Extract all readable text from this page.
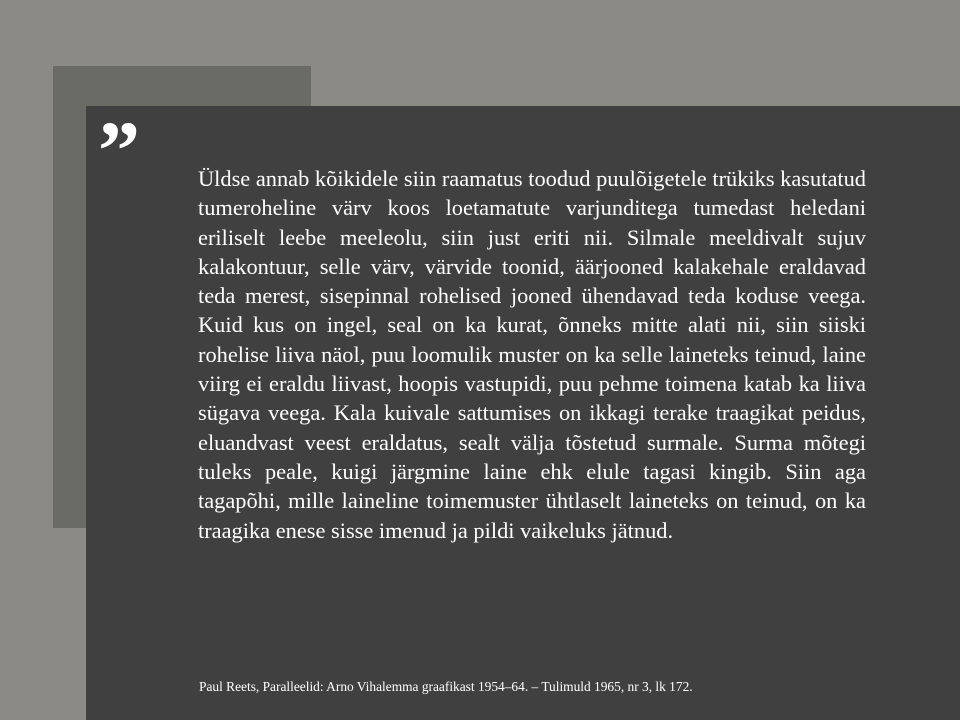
”	Üldse annab kõikidele siin raamatus toodud puulõigetele trükiks kasutatud tumeroheline värv koos loetamatute varjunditega tumedast heledani eriliselt leebe meeleolu, siin just eriti nii. Silmale meeldivalt sujuv kalakontuur, selle värv, värvide toonid, äärjooned kalakehale eraldavad teda merest, sisepinnal rohelised jooned ühendavad teda koduse veega. Kuid kus on ingel, seal on ka kurat, õnneks mitte alati nii, siin siiski rohelise liiva näol, puu loomulik muster on ka selle laineteks teinud, laine viirg ei eraldu liivast, hoopis vastupidi, puu pehme toimena katab ka liiva sügava veega. Kala kuivale sattumises on ikkagi terake traagikat peidus, eluandvast veest eraldatus, sealt välja tõstetud surmale. Surma mõtegi tuleks peale, kuigi järgmine laine ehk elule tagasi kingib. Siin aga tagapõhi, mille laineline toimemuster ühtlaselt laineteks on teinud, on ka traagika enese sisse imenud ja pildi vaikeluks jätnud.

Paul Reets, Paralleelid: Arno Vihalemma graafikast 1954–64. – Tulimuld 1965, nr 3, lk 172.
